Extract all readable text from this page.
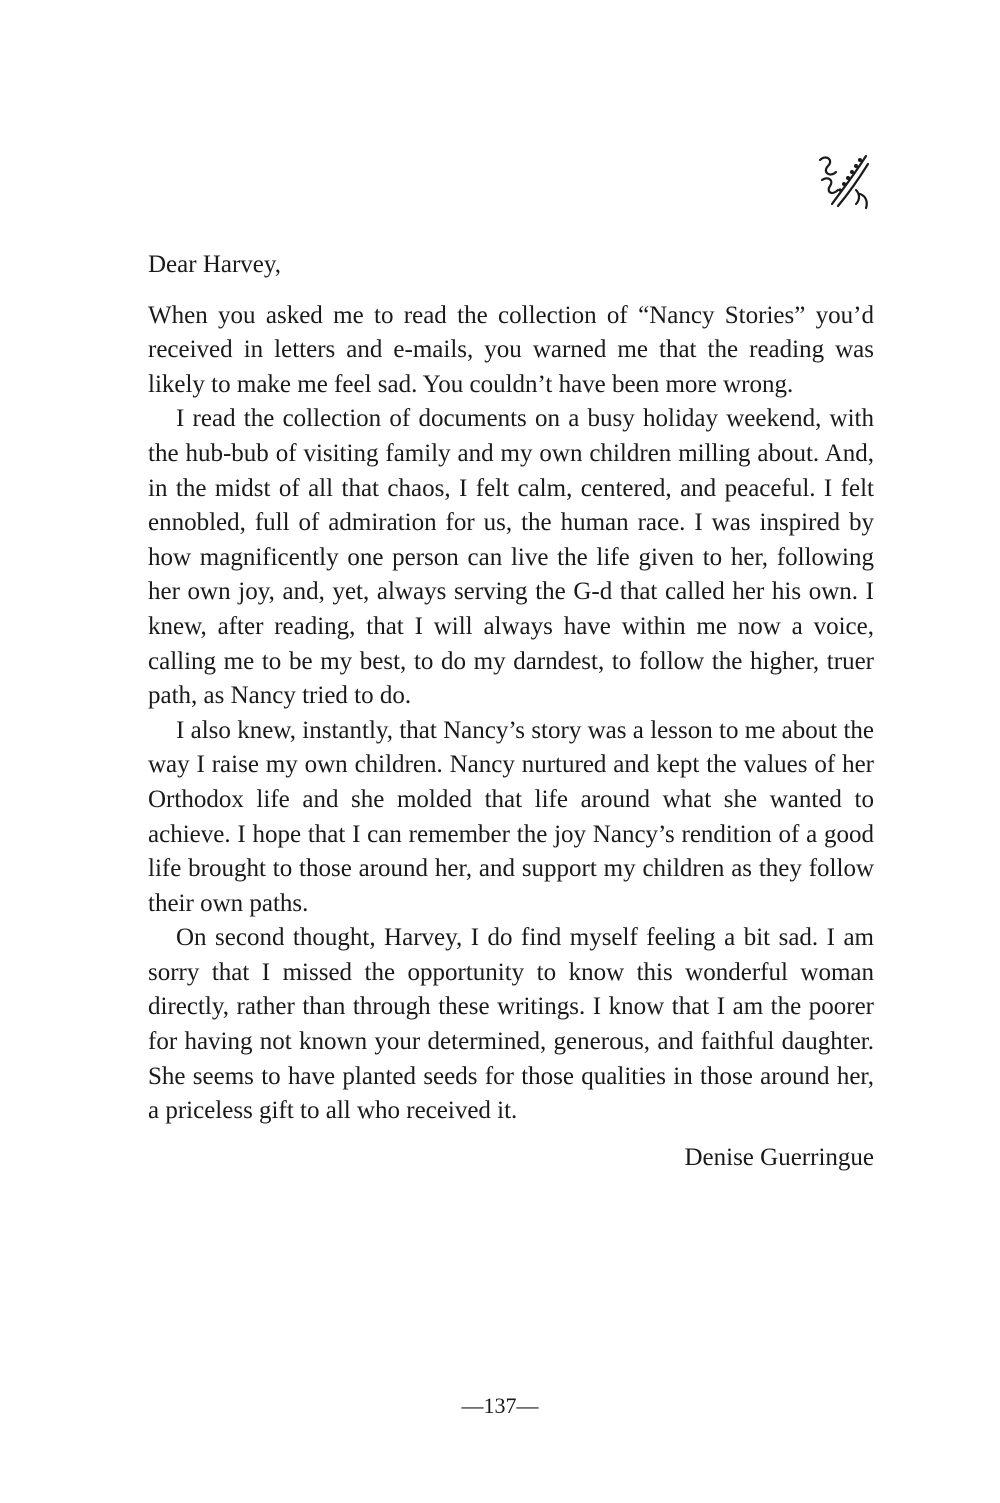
Dear Harvey,

When you asked me to read the collection of “Nancy Stories” you’d received in letters and e-mails, you warned me that the reading was likely to make me feel sad. You couldn’t have been more wrong.

I read the collection of documents on a busy holiday weekend, with the hub-bub of visiting family and my own children milling about. And, in the midst of all that chaos, I felt calm, centered, and peaceful. I felt ennobled, full of admiration for us, the human race. I was inspired by how magnificently one person can live the life given to her, following her own joy, and, yet, always serving the G-d that called her his own. I knew, after reading, that I will always have within me now a voice, calling me to be my best, to do my darndest, to follow the higher, truer path, as Nancy tried to do.

I also knew, instantly, that Nancy’s story was a lesson to me about the way I raise my own children. Nancy nurtured and kept the values of her Orthodox life and she molded that life around what she wanted to achieve. I hope that I can remember the joy Nancy’s rendition of a good life brought to those around her, and support my children as they follow their own paths.

On second thought, Harvey, I do find myself feeling a bit sad. I am sorry that I missed the opportunity to know this wonderful woman directly, rather than through these writings. I know that I am the poorer for having not known your determined, generous, and faithful daughter. She seems to have planted seeds for those qualities in those around her, a priceless gift to all who received it.

Denise Guerringue

—137—
